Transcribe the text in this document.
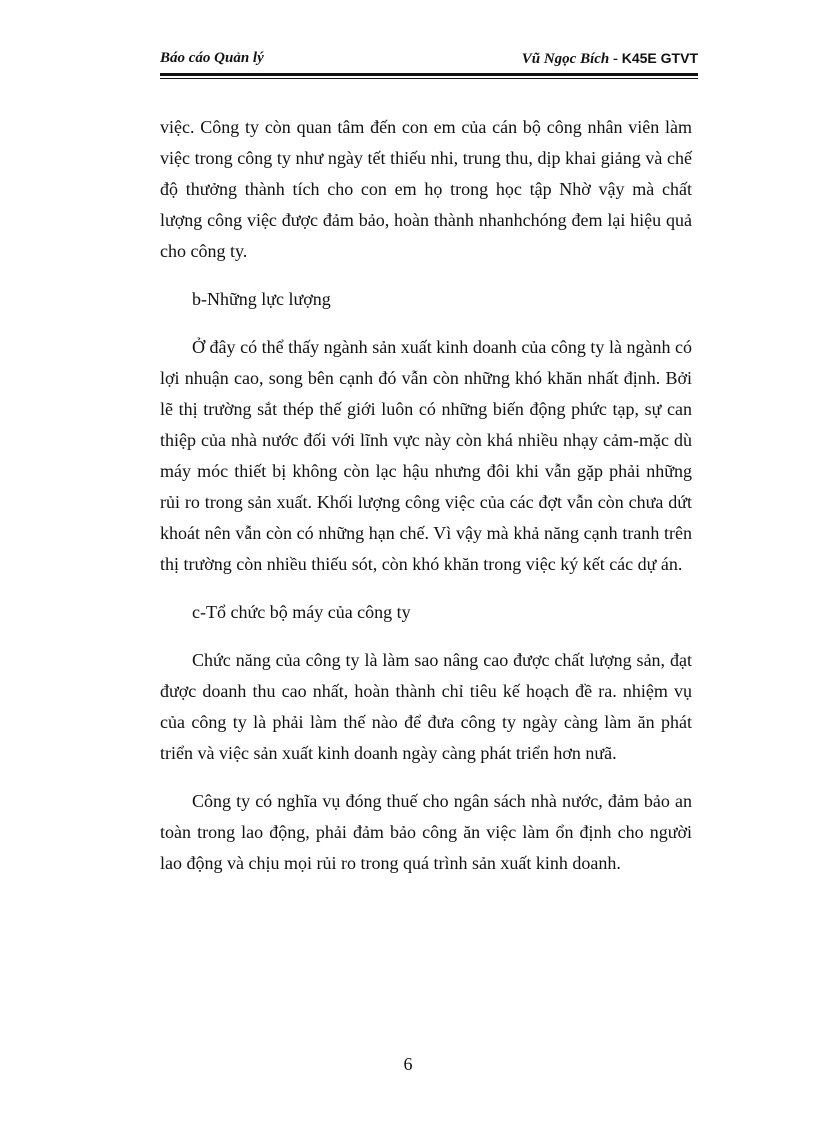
Báo cáo Quản lý	Vũ Ngọc Bích - K45E GTVT

việc. Công ty còn quan tâm đến con em của cán bộ công nhân viên làm việc trong công ty như ngày tết thiếu nhi, trung thu, dịp khai giảng và chế độ thưởng thành tích cho con em họ trong học tập Nhờ vậy mà chất lượng công việc được đảm bảo, hoàn thành nhanhchóng đem lại hiệu quả cho công ty.

b-Những lực lượng

Ở đây có thể thấy ngành sản xuất kinh doanh của công ty là ngành có lợi nhuận cao, song bên cạnh đó vẫn còn những khó khăn nhất định. Bởi lẽ thị trường sắt thép thế giới luôn có những biến động phức tạp, sự can thiệp của nhà nước đối với lĩnh vực này còn khá nhiều nhạy cảm-mặc dù máy móc thiết bị không còn lạc hậu nhưng đôi khi vẫn gặp phải những rủi ro trong sản xuất. Khối lượng công việc của các đợt vẫn còn chưa dứt khoát nên vẫn còn có những hạn chế. Vì vậy mà khả năng cạnh tranh trên thị trường còn nhiều thiếu sót, còn khó khăn trong việc ký kết các dự án.

c-Tổ chức bộ máy của công ty

Chức năng của công ty là làm sao nâng cao được chất lượng sản, đạt được doanh thu cao nhất, hoàn thành chỉ tiêu kế hoạch đề ra. nhiệm vụ của công ty là phải làm thế nào để đưa công ty ngày càng làm ăn phát triển và việc sản xuất kinh doanh ngày càng phát triển hơn nưã.

Công ty có nghĩa vụ đóng thuế cho ngân sách nhà nước, đảm bảo an toàn trong lao động, phải đảm bảo công ăn việc làm ổn định cho người lao động và chịu mọi rủi ro trong quá trình sản xuất kinh doanh.

6
